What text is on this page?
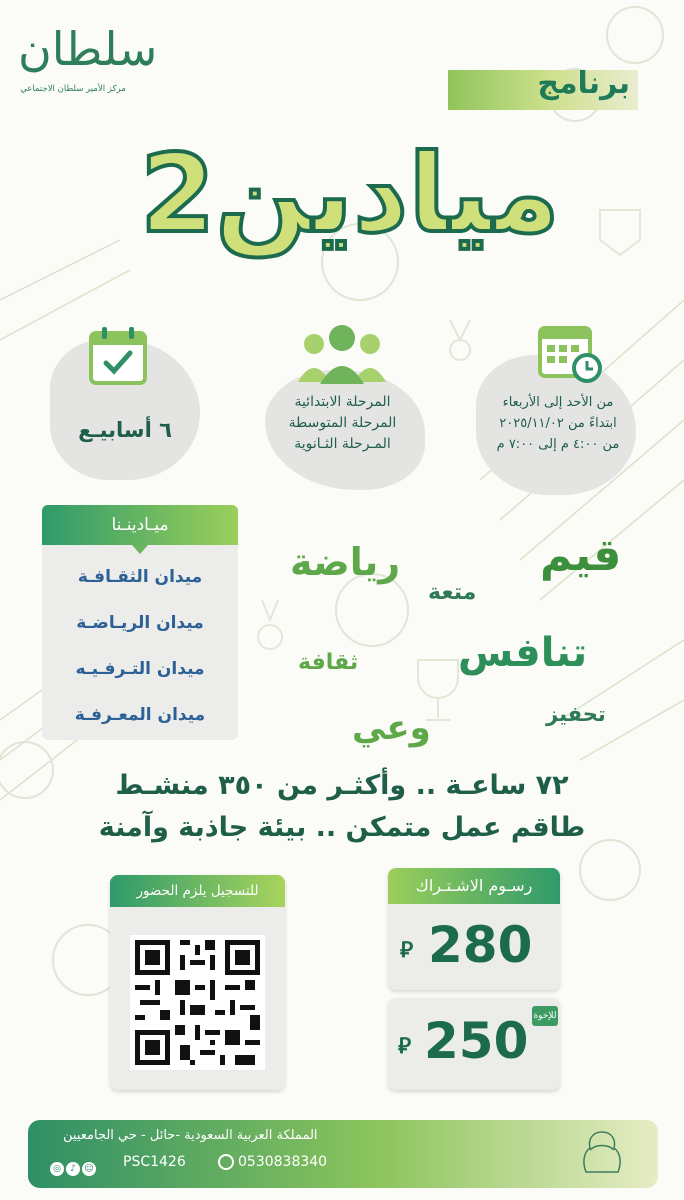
سلطان
مركز الأمير سلطان الاجتماعي	برنامج
ميادين2
٦ أسابيـع
المرحلة الابتدائية
المرحلة المتوسطة
المـرحلة الثـانوية
من الأحد إلى الأربعاء
ابتداءً من ٢٠٢٥/١١/٠٢
من ٤:٠٠ م إلى ٧:٠٠ م
ميـادينـنا
ميدان الثقـافـة
ميدان الريـاضـة
ميدان التـرفـيـه
ميدان المعـرفـة
قيم
رياضة
متعة
تنافس
ثقافة
تحفيز
وعي
٧٢ ساعـة .. وأكثـر من ٣٥٠ منشـط
طاقم عمل متمكن .. بيئة جاذبة وآمنة
للتسجيل يلزم الحضور	رسـوم الاشـتـراك
280
⃁
للإخوة
250
⃁
المملكة العربية السعودية -حائل - حي الجامعيين
◎ ♪ ☺	PSC1426	0530838340
